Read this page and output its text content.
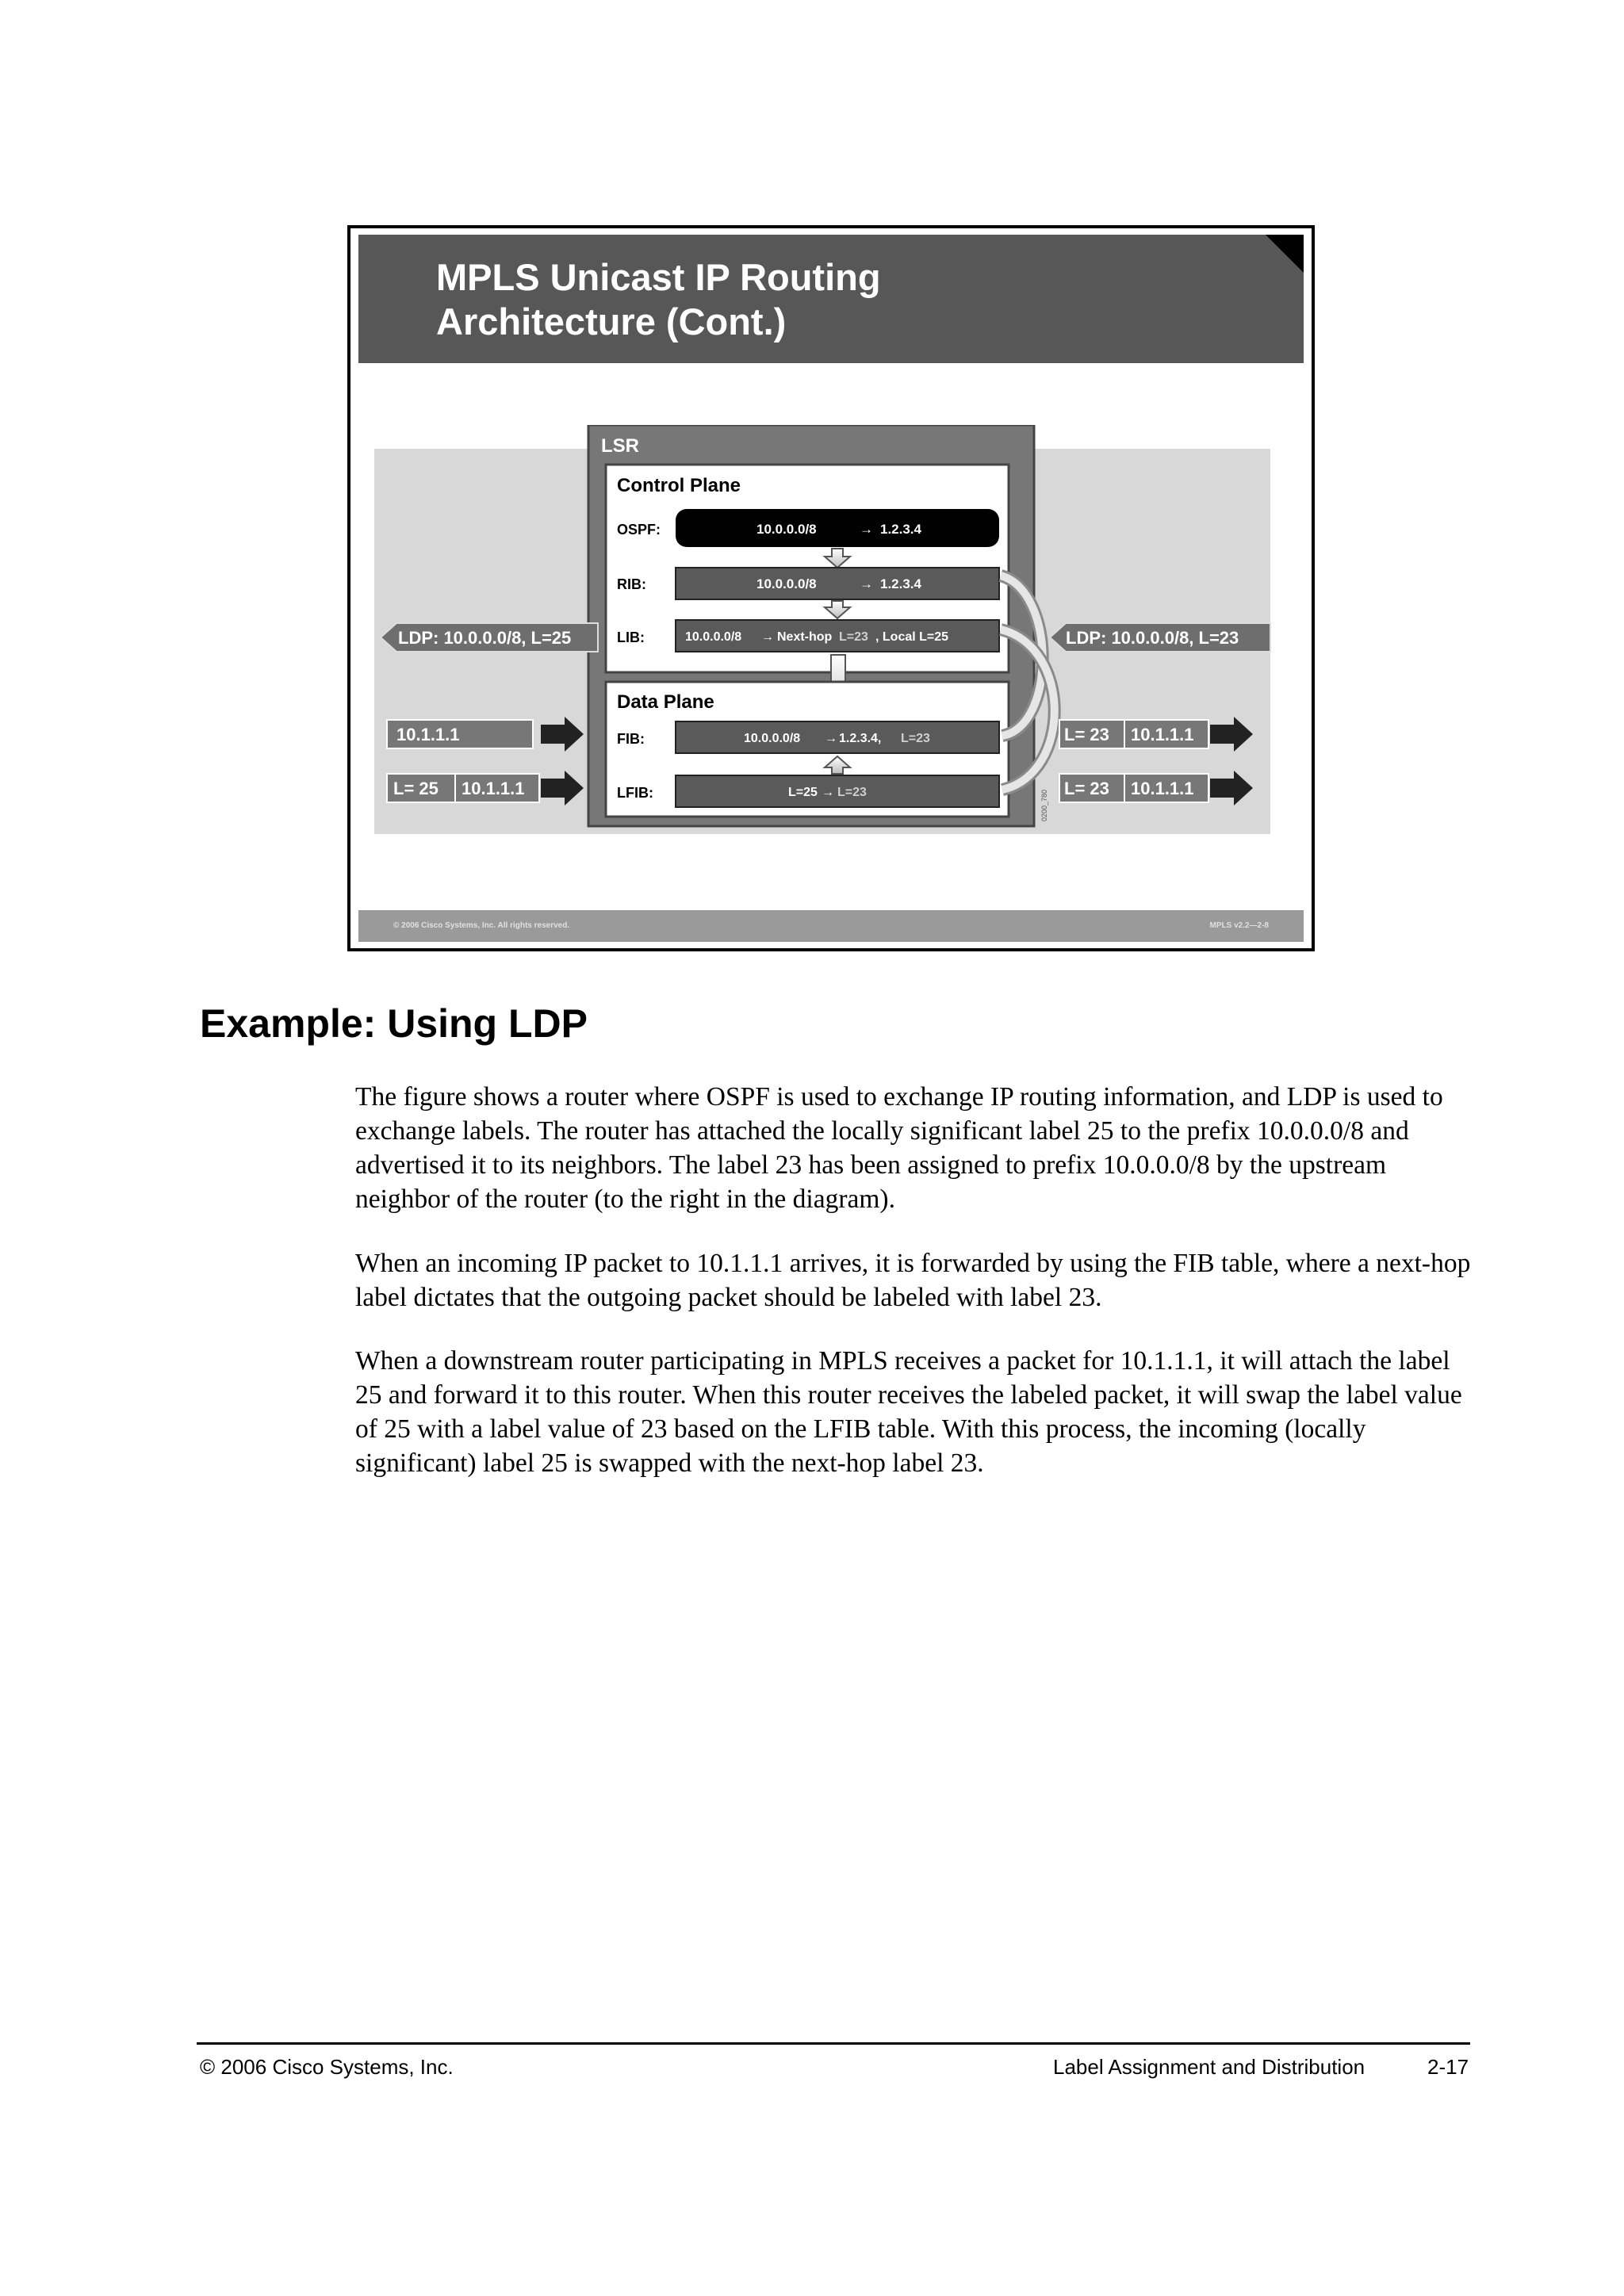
MPLS Unicast IP Routing
Architecture (Cont.)
LSR
Control Plane
OSPF:	10.0.0.0/8	→ 1.2.3.4
RIB:	10.0.0.0/8	→ 1.2.3.4
LIB:	10.0.0.0/8 → Next-hop L=23 , Local L=25
Data Plane
FIB:	10.0.0.0/8 → 1.2.3.4, L=23
LFIB:	L=25 → L=23
LDP: 10.0.0.0/8, L=25	LDP: 10.0.0.0/8, L=23
10.1.1.1
L= 25 10.1.1.1
L= 23 10.1.1.1
L= 23 10.1.1.1
0200_780
© 2006 Cisco Systems, Inc. All rights reserved.	MPLS v2.2—2-8
Example: Using LDP

The figure shows a router where OSPF is used to exchange IP routing information, and LDP is used to exchange labels. The router has attached the locally significant label 25 to the prefix 10.0.0.0/8 and advertised it to its neighbors. The label 23 has been assigned to prefix 10.0.0.0/8 by the upstream neighbor of the router (to the right in the diagram).

When an incoming IP packet to 10.1.1.1 arrives, it is forwarded by using the FIB table, where a next-hop label dictates that the outgoing packet should be labeled with label 23.

When a downstream router participating in MPLS receives a packet for 10.1.1.1, it will attach the label 25 and forward it to this router. When this router receives the labeled packet, it will swap the label value of 25 with a label value of 23 based on the LFIB table. With this process, the incoming (locally significant) label 25 is swapped with the next-hop label 23.

© 2006 Cisco Systems, Inc.	Label Assignment and Distribution	2-17
